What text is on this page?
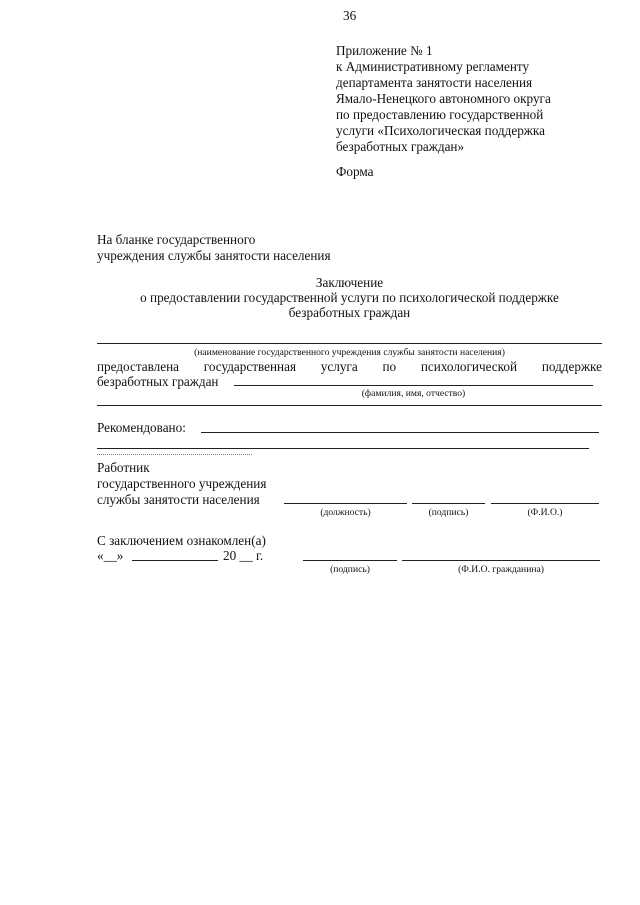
36
Приложение № 1
к Административному регламенту
департамента занятости населения
Ямало-Ненецкого автономного округа
по предоставлению государственной
услуги «Психологическая поддержка
безработных граждан»
Форма
На бланке государственного
учреждения службы занятости населения
Заключение
о предоставлении государственной услуги по психологической поддержке
безработных граждан
(наименование государственного учреждения службы занятости населения)
предоставлена государственная услуга по психологической поддержке
безработных граждан
(фамилия, имя, отчество)
Рекомендовано:
Работник
государственного учреждения
службы занятости населения
(должность)	(подпись)	(Ф.И.О.)
С заключением ознакомлен(а)
«__»	20 __ г.
(подпись)	(Ф.И.О. гражданина)
